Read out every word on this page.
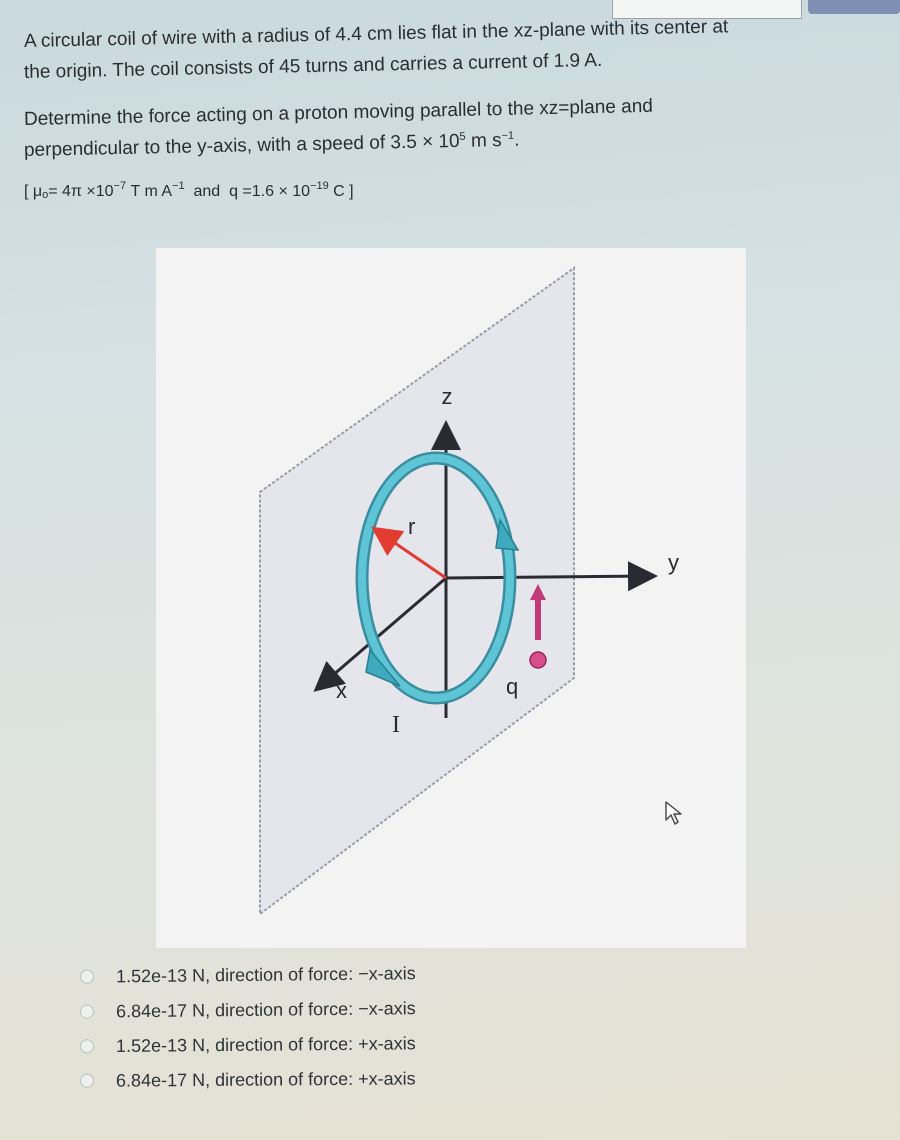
A circular coil of wire with a radius of 4.4 cm lies flat in the xz-plane with its center at

the origin. The coil consists of 45 turns and carries a current of 1.9 A.

Determine the force acting on a proton moving parallel to the xz=plane and

perpendicular to the y-axis, with a speed of $3.5 \times 10^5$ m $s^{-1}$.

[ $\mu_o= 4\pi \times 10^{-7}$ T m $A^{-1}$  and  $q =1.6 \times 10^{-19}$ C ]

z
y
x
r
I
q
1.52e-13 N, direction of force: −x-axis
6.84e-17 N, direction of force: −x-axis
1.52e-13 N, direction of force: +x-axis
6.84e-17 N, direction of force: +x-axis
